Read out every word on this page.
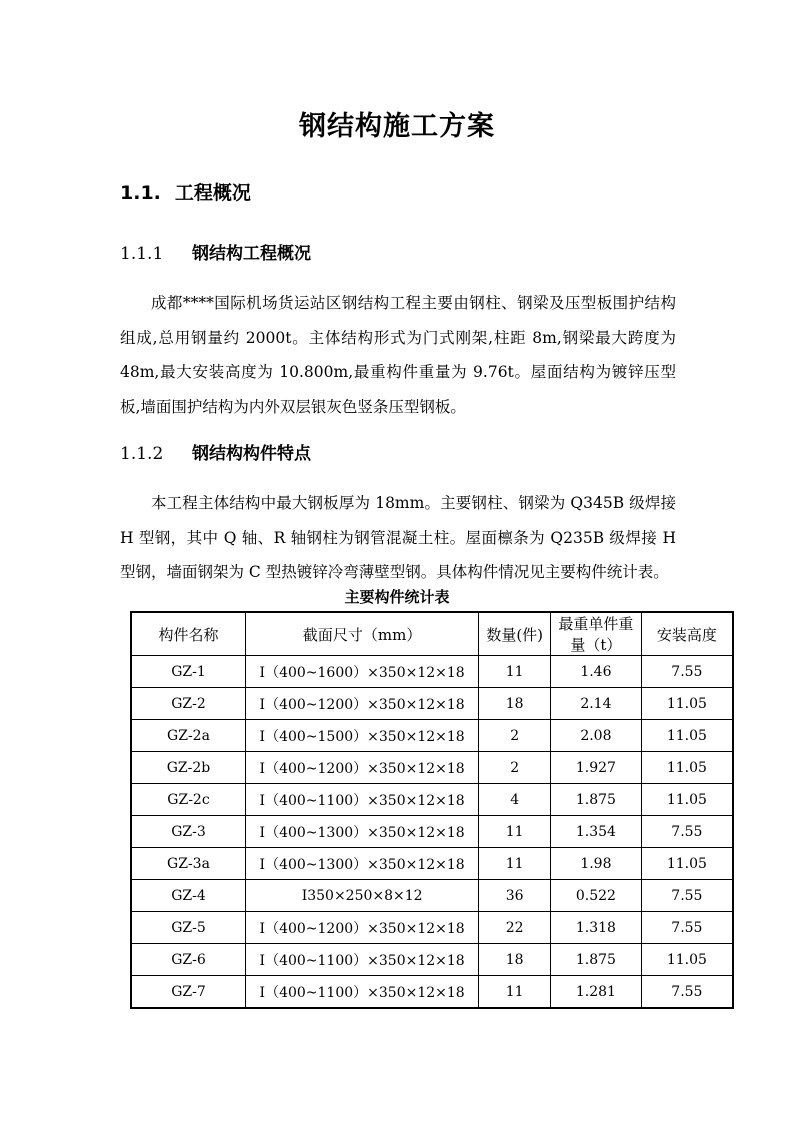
钢结构施工方案
1.1. 工程概况
1.1.1 钢结构工程概况
成都****国际机场货运站区钢结构工程主要由钢柱、钢梁及压型板围护结构组成,总用钢量约 2000t。主体结构形式为门式刚架,柱距 8m,钢梁最大跨度为48m,最大安装高度为 10.800m,最重构件重量为 9.76t。屋面结构为镀锌压型板,墙面围护结构为内外双层银灰色竖条压型钢板。
1.1.2 钢结构构件特点
本工程主体结构中最大钢板厚为 18mm。主要钢柱、钢梁为 Q345B 级焊接 H 型钢，其中 Q 轴、R 轴钢柱为钢管混凝土柱。屋面檩条为 Q235B 级焊接 H 型钢，墙面钢架为 C 型热镀锌冷弯薄壁型钢。具体构件情况见主要构件统计表。
主要构件统计表
构件名称	截面尺寸（mm）	数量(件)	最重单件重量（t）	安装高度
GZ-1	I（400~1600）×350×12×18	11	1.46	7.55
GZ-2	I（400~1200）×350×12×18	18	2.14	11.05
GZ-2a	I（400~1500）×350×12×18	2	2.08	11.05
GZ-2b	I（400~1200）×350×12×18	2	1.927	11.05
GZ-2c	I（400~1100）×350×12×18	4	1.875	11.05
GZ-3	I（400~1300）×350×12×18	11	1.354	7.55
GZ-3a	I（400~1300）×350×12×18	11	1.98	11.05
GZ-4	I350×250×8×12	36	0.522	7.55
GZ-5	I（400~1200）×350×12×18	22	1.318	7.55
GZ-6	I（400~1100）×350×12×18	18	1.875	11.05
GZ-7	I（400~1100）×350×12×18	11	1.281	7.55
